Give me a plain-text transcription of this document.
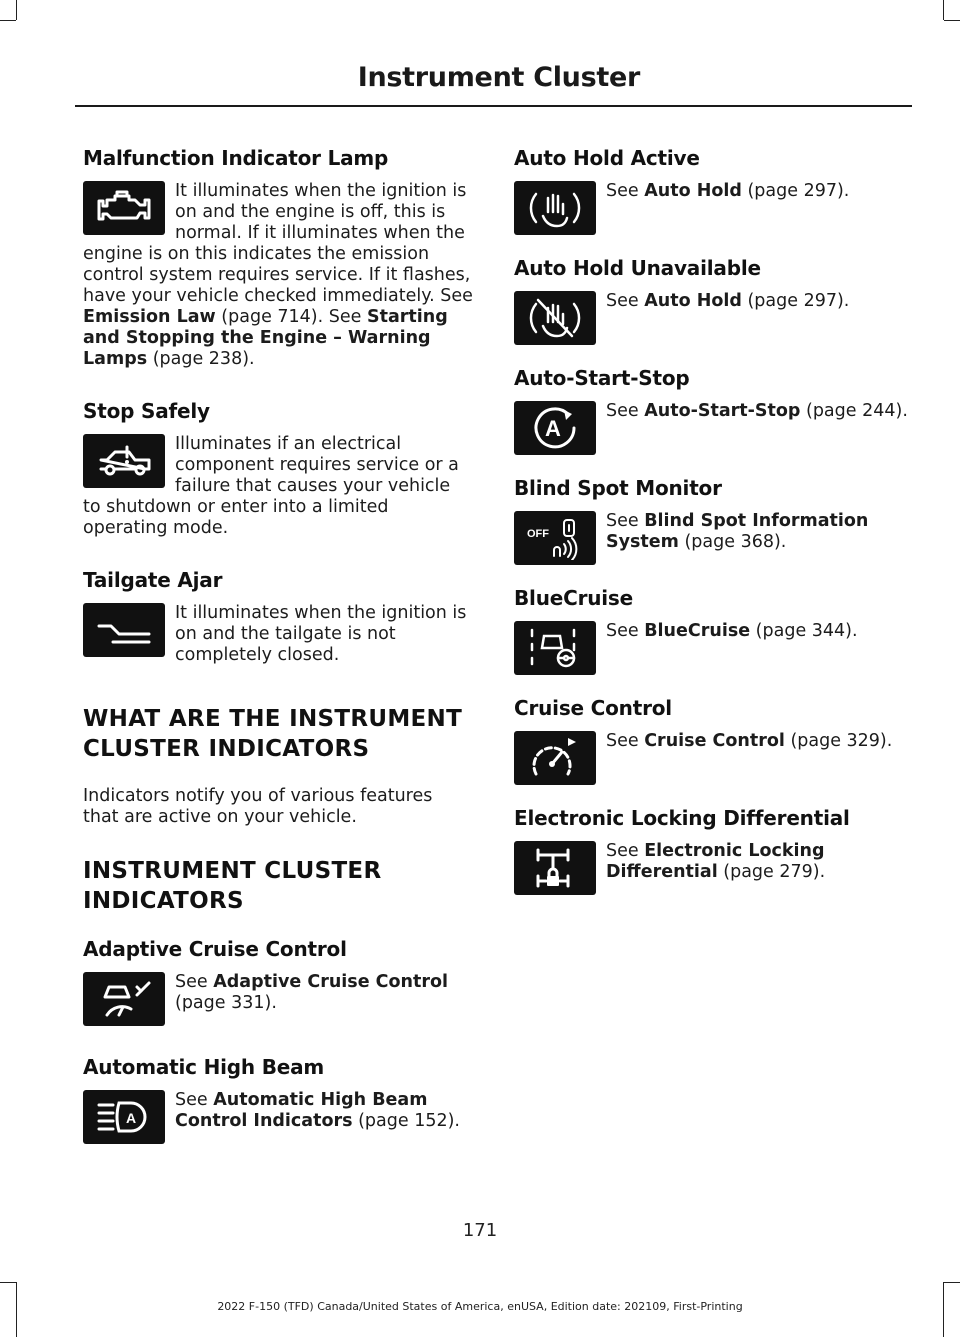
Instrument Cluster
Malfunction Indicator Lamp

It illuminates when the ignition is on and the engine is off, this is normal. If it illuminates when the engine is on this indicates the emission control system requires service. If it flashes, have your vehicle checked immediately. See Emission Law (page 714). See Starting and Stopping the Engine – Warning Lamps (page 238).

Stop Safely

Illuminates if an electrical component requires service or a failure that causes your vehicle to shutdown or enter into a limited operating mode.

Tailgate Ajar

It illuminates when the ignition is on and the tailgate is not completely closed.

WHAT ARE THE INSTRUMENT
CLUSTER INDICATORS

Indicators notify you of various features that are active on your vehicle.

INSTRUMENT CLUSTER
INDICATORS
Adaptive Cruise Control

See Adaptive Cruise Control (page 331).

Automatic High Beam
A

See Automatic High Beam Control Indicators (page 152).

Auto Hold Active

See Auto Hold (page 297).

Auto Hold Unavailable

See Auto Hold (page 297).

Auto-Start-Stop
A

See Auto-Start-Stop (page 244).

Blind Spot Monitor
OFF

See Blind Spot Information System (page 368).

BlueCruise

See BlueCruise (page 344).

Cruise Control

See Cruise Control (page 329).

Electronic Locking Differential

See Electronic Locking Differential (page 279).

171
2022 F-150 (TFD) Canada/United States of America, enUSA, Edition date: 202109, First-Printing
